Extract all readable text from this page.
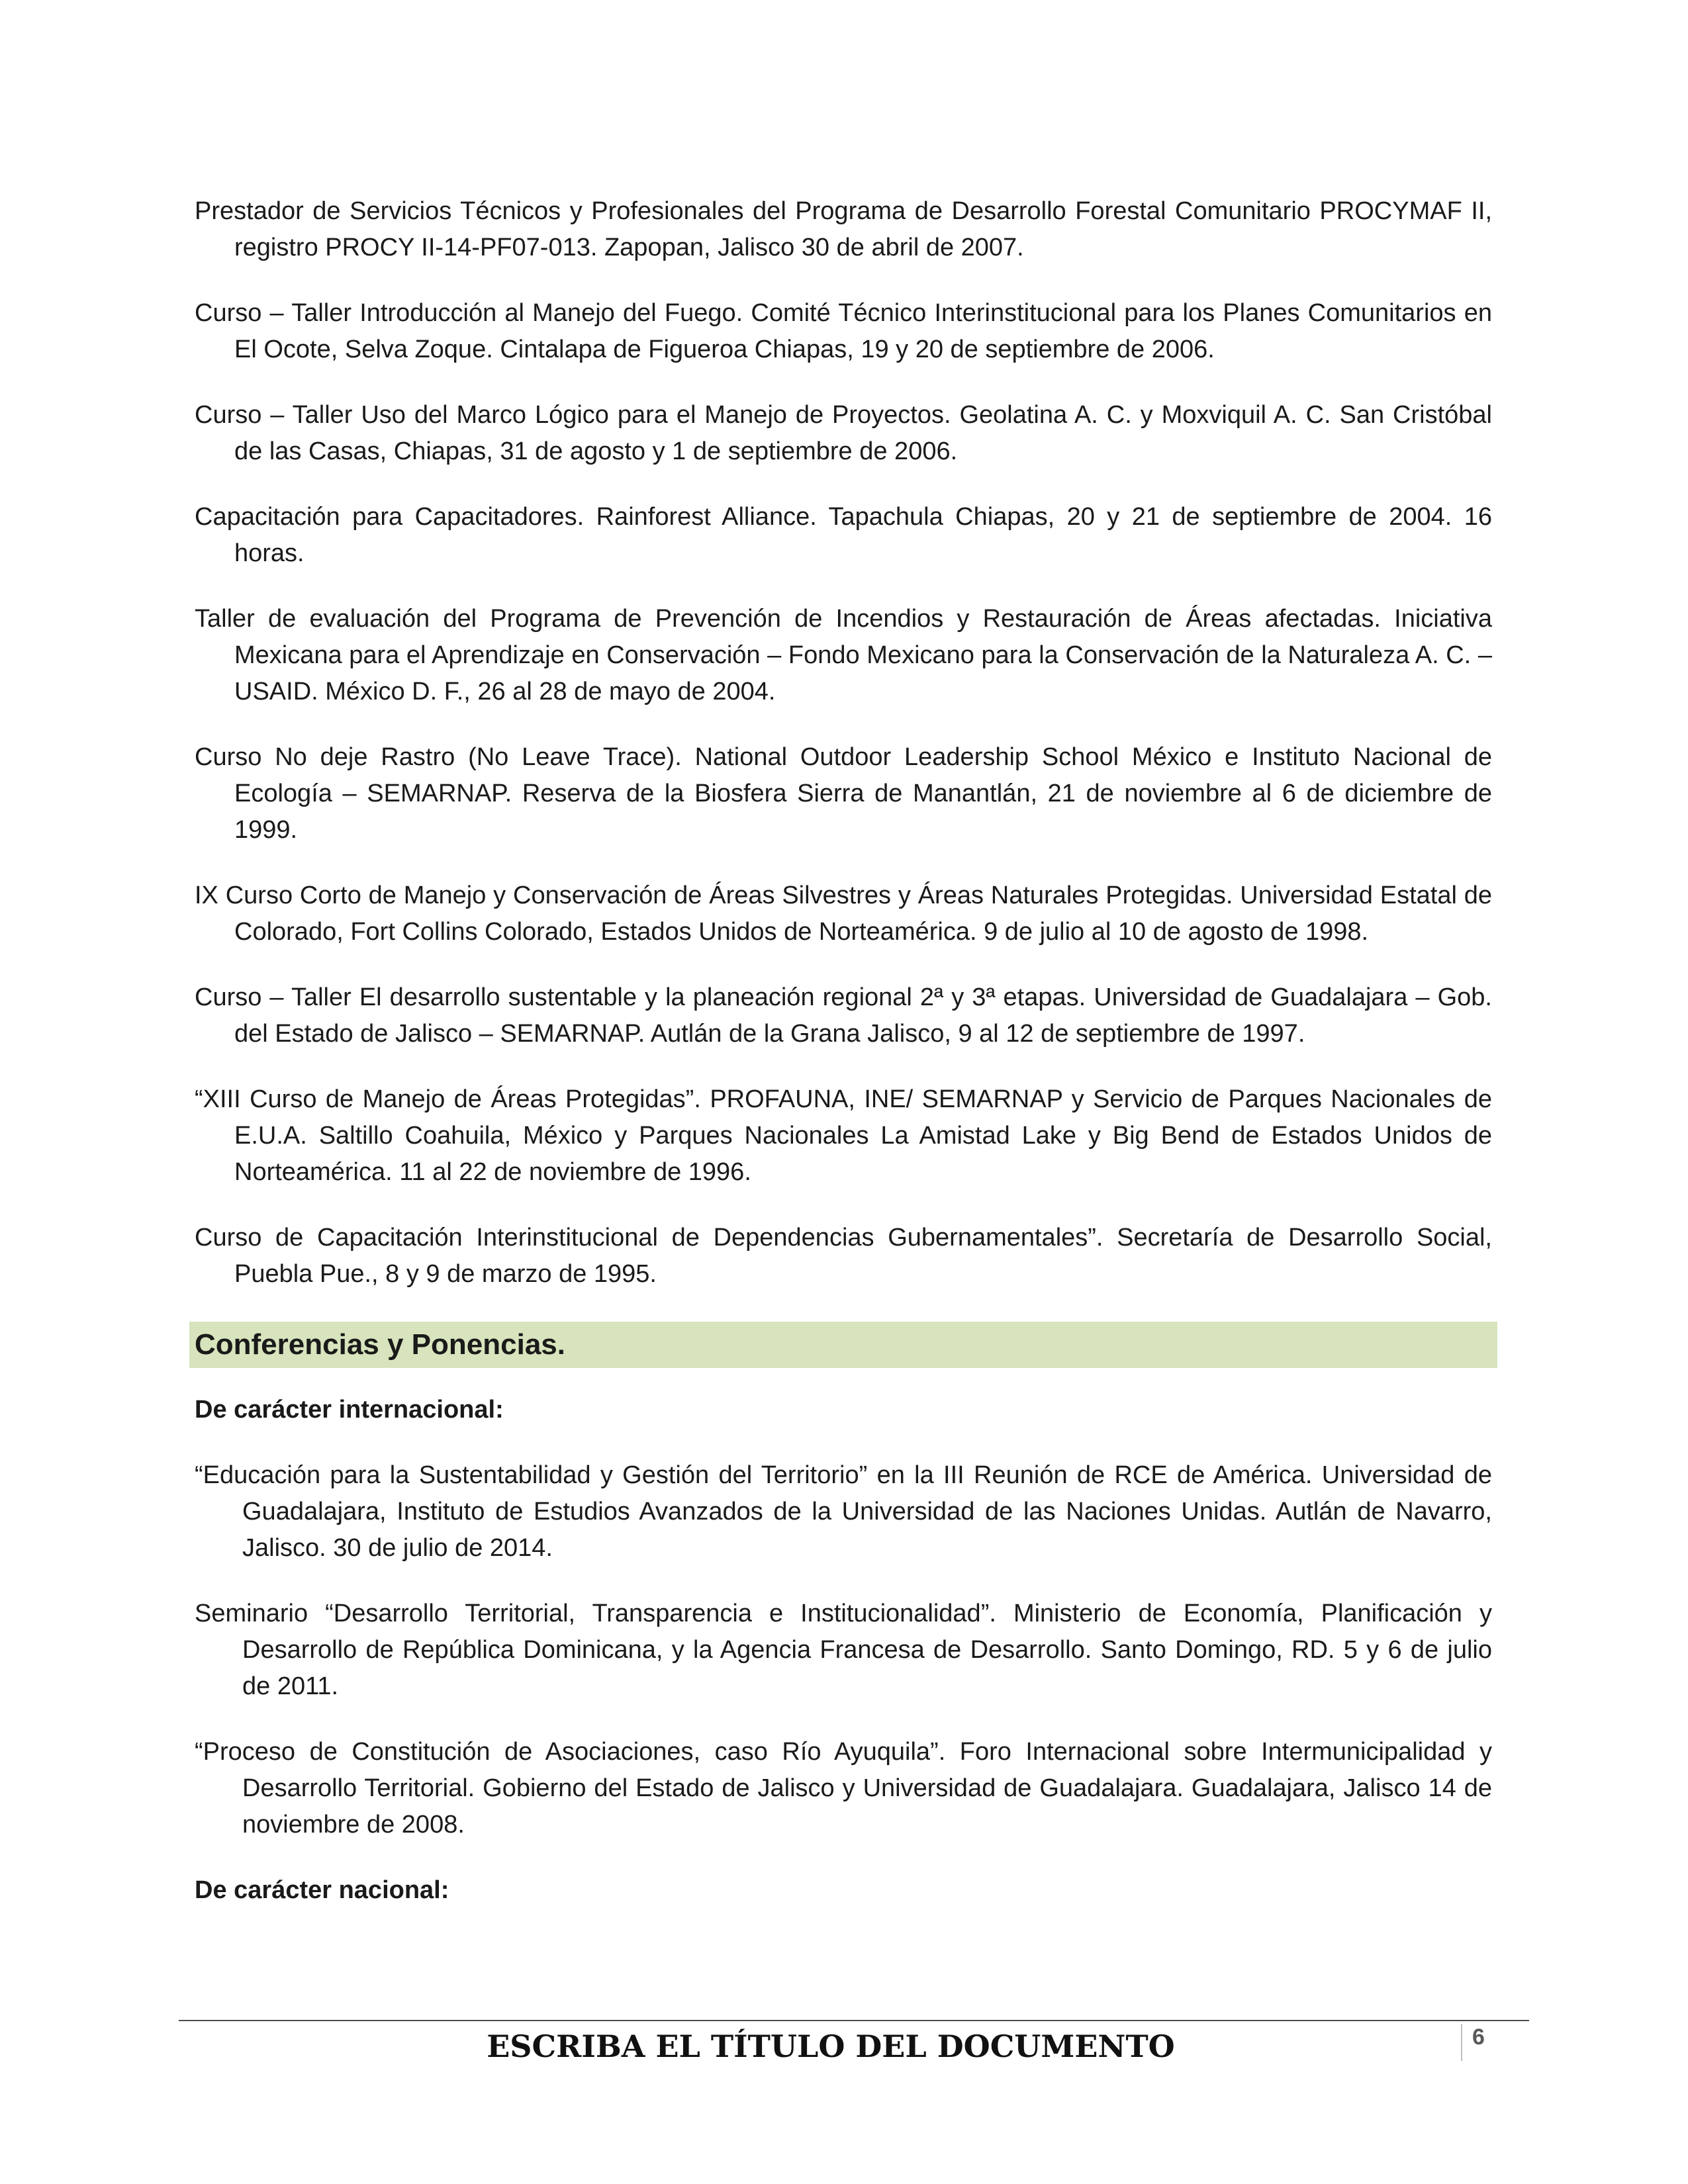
Prestador de Servicios Técnicos y Profesionales del Programa de Desarrollo Forestal Comunitario PROCYMAF II, registro PROCY II-14-PF07-013. Zapopan, Jalisco 30 de abril de 2007.

Curso – Taller Introducción al Manejo del Fuego. Comité Técnico Interinstitucional para los Planes Comunitarios en El Ocote, Selva Zoque. Cintalapa de Figueroa Chiapas, 19 y 20 de septiembre de 2006.

Curso – Taller Uso del Marco Lógico para el Manejo de Proyectos. Geolatina A. C. y Moxviquil A. C. San Cristóbal de las Casas, Chiapas, 31 de agosto y 1 de septiembre de 2006.

Capacitación para Capacitadores. Rainforest Alliance. Tapachula Chiapas, 20 y 21 de septiembre de 2004. 16 horas.

Taller de evaluación del Programa de Prevención de Incendios y Restauración de Áreas afectadas. Iniciativa Mexicana para el Aprendizaje en Conservación – Fondo Mexicano para la Conservación de la Naturaleza A. C. – USAID. México D. F., 26 al 28 de mayo de 2004.

Curso No deje Rastro (No Leave Trace). National Outdoor Leadership School México e Instituto Nacional de Ecología – SEMARNAP. Reserva de la Biosfera Sierra de Manantlán, 21 de noviembre al 6 de diciembre de 1999.

IX Curso Corto de Manejo y Conservación de Áreas Silvestres y Áreas Naturales Protegidas. Universidad Estatal de Colorado, Fort Collins Colorado, Estados Unidos de Norteamérica. 9 de julio al 10 de agosto de 1998.

Curso – Taller El desarrollo sustentable y la planeación regional 2ª y 3ª etapas. Universidad de Guadalajara – Gob. del Estado de Jalisco – SEMARNAP. Autlán de la Grana Jalisco, 9 al 12 de septiembre de 1997.

“XIII Curso de Manejo de Áreas Protegidas”. PROFAUNA, INE/ SEMARNAP y Servicio de Parques Nacionales de E.U.A. Saltillo Coahuila, México y Parques Nacionales La Amistad Lake y Big Bend de Estados Unidos de Norteamérica. 11 al 22 de noviembre de 1996.

Curso de Capacitación Interinstitucional de Dependencias Gubernamentales”. Secretaría de Desarrollo Social, Puebla Pue., 8 y 9 de marzo de 1995.

Conferencias y Ponencias.
De carácter internacional:

“Educación para la Sustentabilidad y Gestión del Territorio” en la III Reunión de RCE de América. Universidad de Guadalajara, Instituto de Estudios Avanzados de la Universidad de las Naciones Unidas. Autlán de Navarro, Jalisco. 30 de julio de 2014.

Seminario “Desarrollo Territorial, Transparencia e Institucionalidad”. Ministerio de Economía, Planificación y Desarrollo de República Dominicana, y la Agencia Francesa de Desarrollo. Santo Domingo, RD. 5 y 6 de julio de 2011.

“Proceso de Constitución de Asociaciones, caso Río Ayuquila”. Foro Internacional sobre Intermunicipalidad y Desarrollo Territorial. Gobierno del Estado de Jalisco y Universidad de Guadalajara. Guadalajara, Jalisco 14 de noviembre de 2008.

De carácter nacional:
ESCRIBA EL TÍTULO DEL DOCUMENTO	6
